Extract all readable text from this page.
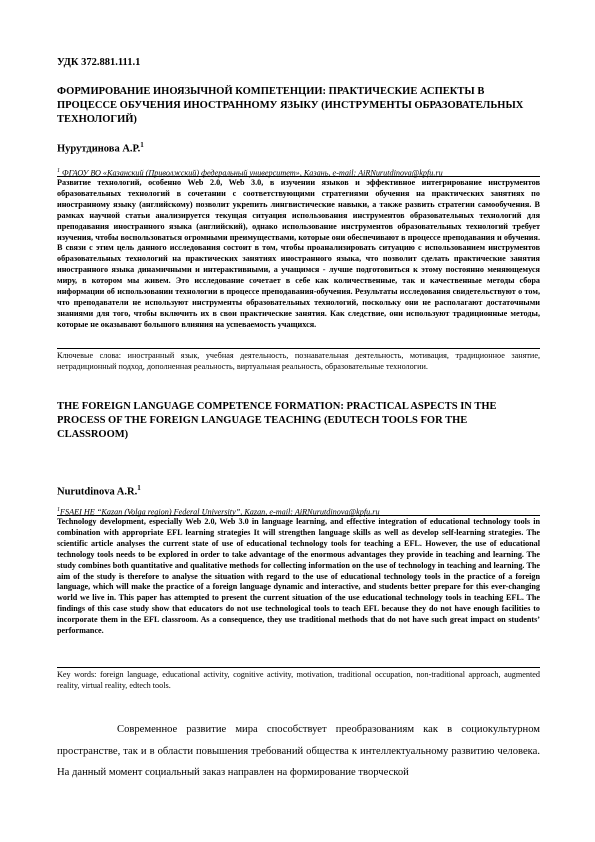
УДК 372.881.111.1
ФОРМИРОВАНИЕ ИНОЯЗЫЧНОЙ КОМПЕТЕНЦИИ: ПРАКТИЧЕСКИЕ АСПЕКТЫ В ПРОЦЕССЕ ОБУЧЕНИЯ ИНОСТРАННОМУ ЯЗЫКУ (ИНСТРУМЕНТЫ ОБРАЗОВАТЕЛЬНЫХ ТЕХНОЛОГИЙ)
Нурутдинова А.Р.$^1$
$^1$ ФГАОУ ВО «Казанский (Приволжский) федеральный университет», Казань, e-mail: AiRNurutdinova@kpfu.ru

Развитие технологий, особенно Web 2.0, Web 3.0, в изучении языков и эффективное интегрирование инструментов образовательных технологий в сочетании с соответствующими стратегиями обучения на практических занятиях по иностранному языку (английскому) позволит укрепить лингвистические навыки, а также развить стратегии самообучения. В рамках научной статьи анализируется текущая ситуация использования инструментов образовательных технологий для преподавания иностранного языка (английский), однако использование инструментов образовательных технологий требует изучения, чтобы воспользоваться огромными преимуществами, которые они обеспечивают в процессе преподавания и обучения. В связи с этим цель данного исследования состоит в том, чтобы проанализировать ситуацию с использованием инструментов образовательных технологий на практических занятиях иностранного языка, что позволит сделать практические занятия иностранного языка динамичными и интерактивными, а учащимся - лучше подготовиться к этому постоянно меняющемуся миру, в котором мы живем. Это исследование сочетает в себе как количественные, так и качественные методы сбора информации об использовании технологии в процессе преподавания-обучения. Результаты исследования свидетельствуют о том, что преподаватели не используют инструменты образовательных технологий, поскольку они не располагают достаточными знаниями для того, чтобы включить их в свои практические занятия. Как следствие, они используют традиционные методы, которые не оказывают большого влияния на успеваемость учащихся.

Ключевые слова: иностранный язык, учебная деятельность, познавательная деятельность, мотивация, традиционное занятие, нетрадиционный подход, дополненная реальность, виртуальная реальность, образовательные технологии.

THE FOREIGN LANGUAGE COMPETENCE FORMATION: PRACTICAL ASPECTS IN THE PROCESS OF THE FOREIGN LANGUAGE TEACHING (EDUTECH TOOLS FOR THE CLASSROOM)
Nurutdinova A.R.$^1$
$^1$FSAEI HE “Kazan (Volga region) Federal University”, Kazan, e-mail: AiRNurutdinova@kpfu.ru

Technology development, especially Web 2.0, Web 3.0 in language learning, and effective integration of educational technology tools in combination with appropriate EFL learning strategies It will strengthen language skills as well as develop self-learning strategies. The scientific article analyses the current state of use of educational technology tools for teaching a EFL. However, the use of educational technology tools needs to be explored in order to take advantage of the enormous advantages they provide in teaching and learning. The study combines both quantitative and qualitative methods for collecting information on the use of technology in teaching and learning. The aim of the study is therefore to analyse the situation with regard to the use of educational technology tools in the practice of a foreign language, which will make the practice of a foreign language dynamic and interactive, and students better prepare for this ever-changing world we live in. This paper has attempted to present the current situation of the use educational technology tools in teaching EFL. The findings of this case study show that educators do not use technological tools to teach EFL because they do not have enough facilities to incorporate them in the EFL classroom. As a consequence, they use traditional methods that do not have such great impact on students’ performance.

Key words: foreign language, educational activity, cognitive activity, motivation, traditional occupation, non-traditional approach, augmented reality, virtual reality, edtech tools.

Современное развитие мира способствует преобразованиям как в социокультурном пространстве, так и в области повышения требований общества к интеллектуальному развитию человека. На данный момент социальный заказ направлен на формирование творческой
